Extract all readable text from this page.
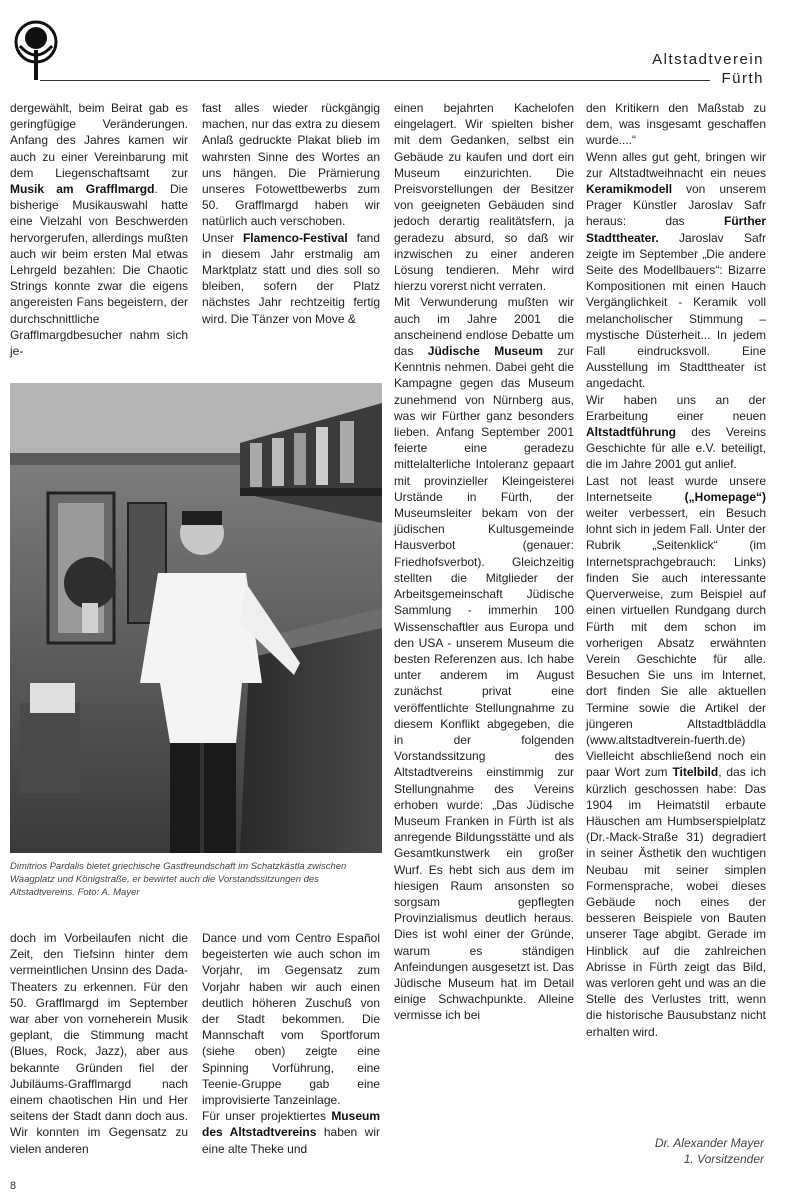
Altstadtverein
Fürth

dergewählt, beim Beirat gab es geringfügige Veränderungen. Anfang des Jahres kamen wir auch zu einer Vereinbarung mit dem Liegenschaftsamt zur Musik am Grafflmargd. Die bisherige Musikauswahl hatte eine Vielzahl von Beschwerden hervorgerufen, allerdings mußten auch wir beim ersten Mal etwas Lehrgeld bezahlen: Die Chaotic Strings konnte zwar die eigens angereisten Fans begeistern, der durchschnittliche Grafflmargdbesucher nahm sich je-

fast alles wieder rückgängig machen, nur das extra zu diesem Anlaß gedruckte Plakat blieb im wahrsten Sinne des Wortes an uns hängen. Die Prämierung unseres Fotowettbewerbs zum 50. Grafflmargd haben wir natürlich auch verschoben.

Unser Flamenco-Festival fand in diesem Jahr erstmalig am Marktplatz statt und dies soll so bleiben, sofern der Platz nächstes Jahr rechtzeitig fertig wird. Die Tänzer von Move &

Dimitrios Pardalis bietet griechische Gastfreundschaft im Schatzkästla zwischen Waagplatz und Königstraße, er bewirtet auch die Vorstandssitzungen des Altstadtvereins. Foto: A. Mayer

doch im Vorbeilaufen nicht die Zeit, den Tiefsinn hinter dem vermeintlichen Unsinn des Dada-Theaters zu erkennen. Für den 50. Grafflmargd im September war aber von vorneherein Musik geplant, die Stimmung macht (Blues, Rock, Jazz), aber aus bekannte Gründen fiel der Jubiläums-Grafflmargd nach einem chaotischen Hin und Her seitens der Stadt dann doch aus. Wir konnten im Gegensatz zu vielen anderen

Dance und vom Centro Español begeisterten wie auch schon im Vorjahr, im Gegensatz zum Vorjahr haben wir auch einen deutlich höheren Zuschuß von der Stadt bekommen. Die Mannschaft vom Sportforum (siehe oben) zeigte eine Spinning Vorführung, eine Teenie-Gruppe gab eine improvisierte Tanzeinlage.

Für unser projektiertes Museum des Altstadtvereins haben wir eine alte Theke und

einen bejahrten Kachelofen eingelagert. Wir spielten bisher mit dem Gedanken, selbst ein Gebäude zu kaufen und dort ein Museum einzurichten. Die Preisvorstellungen der Besitzer von geeigneten Gebäuden sind jedoch derartig realitätsfern, ja geradezu absurd, so daß wir inzwischen zu einer anderen Lösung tendieren. Mehr wird hierzu vorerst nicht verraten.

Mit Verwunderung mußten wir auch im Jahre 2001 die anscheinend endlose Debatte um das Jüdische Museum zur Kenntnis nehmen. Dabei geht die Kampagne gegen das Museum zunehmend von Nürnberg aus, was wir Fürther ganz besonders lieben. Anfang September 2001 feierte eine geradezu mittelalterliche Intoleranz gepaart mit provinzieller Kleingeisterei Urstände in Fürth, der Museumsleiter bekam von der jüdischen Kultusgemeinde Hausverbot (genauer: Friedhofsverbot). Gleichzeitig stellten die Mitglieder der Arbeitsgemeinschaft Jüdische Sammlung - immerhin 100 Wissenschaftler aus Europa und den USA - unserem Museum die besten Referenzen aus. Ich habe unter anderem im August zunächst privat eine veröffentlichte Stellungnahme zu diesem Konflikt abgegeben, die in der folgenden Vorstandssitzung des Altstadtvereins einstimmig zur Stellungnahme des Vereins erhoben wurde: „Das Jüdische Museum Franken in Fürth ist als anregende Bildungsstätte und als Gesamtkunstwerk ein großer Wurf. Es hebt sich aus dem im hiesigen Raum ansonsten so sorgsam gepflegten Provinzialismus deutlich heraus. Dies ist wohl einer der Gründe, warum es ständigen Anfeindungen ausgesetzt ist. Das Jüdische Museum hat im Detail einige Schwachpunkte. Alleine vermisse ich bei

den Kritikern den Maßstab zu dem, was insgesamt geschaffen wurde....“

Wenn alles gut geht, bringen wir zur Altstadtweihnacht ein neues Keramikmodell von unserem Prager Künstler Jaroslav Safr heraus: das Fürther Stadttheater. Jaroslav Safr zeigte im September „Die andere Seite des Modellbauers“: Bizarre Kompositionen mit einen Hauch Vergänglichkeit - Keramik voll melancholischer Stimmung – mystische Düsterheit... In jedem Fall eindrucksvoll. Eine Ausstellung im Stadttheater ist angedacht.

Wir haben uns an der Erarbeitung einer neuen Altstadtführung des Vereins Geschichte für alle e.V. beteiligt, die im Jahre 2001 gut anlief.

Last not least wurde unsere Internetseite („Homepage“) weiter verbessert, ein Besuch lohnt sich in jedem Fall. Unter der Rubrik „Seitenklick“ (im Internetsprachgebrauch: Links) finden Sie auch interessante Querverweise, zum Beispiel auf einen virtuellen Rundgang durch Fürth mit dem schon im vorherigen Absatz erwähnten Verein Geschichte für alle. Besuchen Sie uns im Internet, dort finden Sie alle aktuellen Termine sowie die Artikel der jüngeren Altstadtbläddla (www.altstadtverein-fuerth.de)

Vielleicht abschließend noch ein paar Wort zum Titelbild, das ich kürzlich geschossen habe: Das 1904 im Heimatstil erbaute Häuschen am Humbserspielplatz (Dr.-Mack-Straße 31) degradiert in seiner Ästhetik den wuchtigen Neubau mit seiner simplen Formensprache, wobei dieses Gebäude noch eines der besseren Beispiele von Bauten unserer Tage abgibt. Gerade im Hinblick auf die zahlreichen Abrisse in Fürth zeigt das Bild, was verloren geht und was an die Stelle des Verlustes tritt, wenn die historische Bausubstanz nicht erhalten wird.

Dr. Alexander Mayer
1. Vorsitzender
8
